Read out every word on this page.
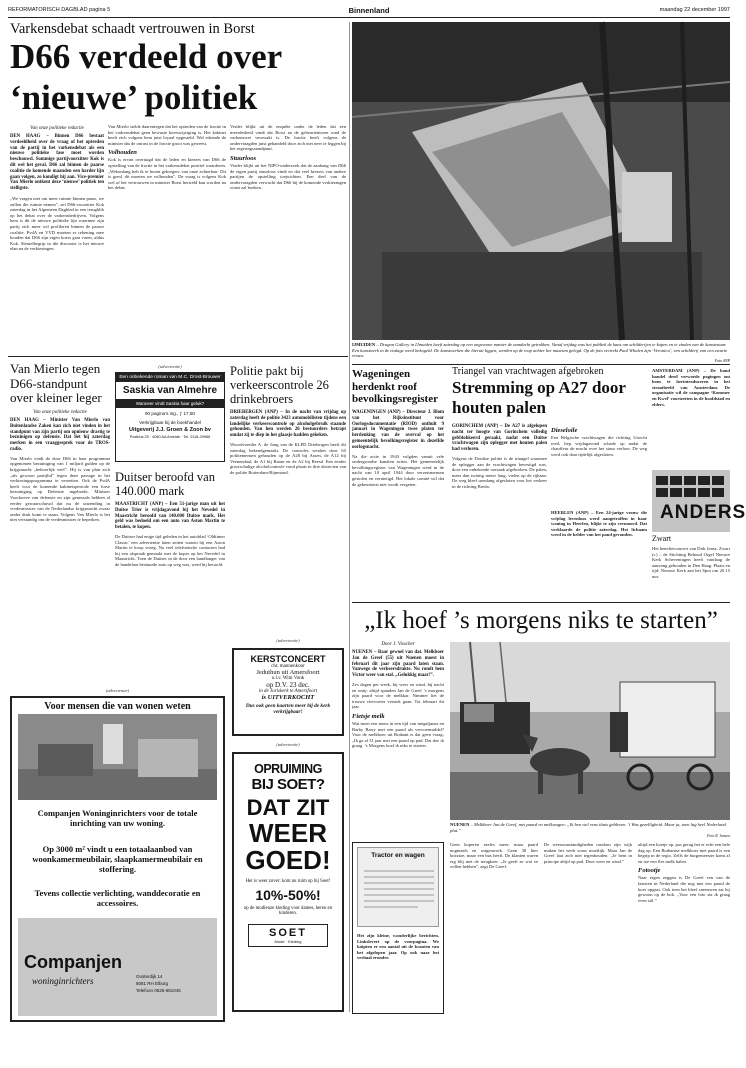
REFORMATORISCH DAGBLAD pagina 5	Binnenland	maandag 22 december 1997
Varkensdebat schaadt vertrouwen in Borst
D66 verdeeld over
‘nieuwe’ politiek
Van onze politieke redactie
DEN HAAG – Binnen D66 bestaat verdeeldheid over de vraag of het optreden van de partij in het varkensdebat als een nieuwe politieke fase moet worden beschouwd. Sommige partijvoorzitter Kok is dit wel het geval. D66 zal binnen de paarse coalitie de komende maanden een harder lijn gaan volgen, zo kondigt hij aan. Vice-premier Van Mierlo ontkent deze ‘nieuwe’ politiek ten stelligste.
„We vragen niet om meer ruimte binnen paars, we zullen die ruimte nemen”, zei D66-voorzitter Kok zaterdag in het Algemeen Dagblad in een terugblik op het debat over de varkensbedrijven. Volgens hem is dit de nieuwe politieke lijn waarmee zijn partij zich meer wil profileren binnen de paarse coalitie. PvdA en VVD moeten er rekening mee houden dat D66 zijn eigen koers gaat varen, aldus Kok. Sleutelbegrip in die discussie is het nieuwe elan na de verkiezingen.
Van Mierlo stelde daarentegen dat het optreden van de fractie in het varkensdebat geen bewuste koerswijziging is. Het kabinet heeft zich volgens hem juist loyaal opgesteld. Wel erkende de minister dat de onrust in de fractie groot was geweest.
Volhouden
Kok is ervan overtuigd dat de leden en kiezers van D66 de opstelling van de fractie in het varkensdebat positief waarderen. „Wekenlang heb ik te horen gekregen: van onze achterban: Dit is goed, dit moeten we volhouden”. De vraag is volgens Kok wel of het vertrouwen in minister Borst hersteld kan worden na het debat.
Verder blijkt uit de enquête onder de leden dat een meerderheid vindt dat Borst na de gebeurtenissen rond de varkenswet verzwakt is. De fractie heeft volgens de ondervraagden juist gehandeld door zich niet neer te leggen bij het regeringsstandpunt.
Stuurloos
Verder blijkt uit het NIPO-onderzoek dat de aanhang van D66 de eigen partij stuurloos vindt en dat veel kiezers van andere partijen de opstelling toejuichten. Een deel van de ondervraagden verwacht dat D66 bij de komende verkiezingen winst zal boeken.
IJMUIDEN – Dragon Gallery in IJmuiden heeft zaterdag op een ongewone manier de aandacht getrokken. Vanaf vrijdag was het publiek de kans om schilderijen te kopen en te vinden van de kunstenaar. Een kunstwerk in de etalage werd bekogeld. De kunstwerken die hieruit liggen, werden op de trap achter het museum gelegd. Op de foto vertrekt Paul Whalen zijn ‘Veronica’, een schilderij van een zwarte vrouw.
Foto ANP
Van Mierlo tegen D66-standpunt over kleiner leger
Van onze politieke redactie
DEN HAAG – Minister Van Mierlo van Buitenlandse Zaken kan zich niet vinden in het standpunt van zijn partij om opnieuw drastig te bezuinigen op defensie. Dat liet hij zaterdag merken in een vraaggesprek voor de TROS-radio.
Van Mierlo vindt de door D66 in haar programma opgenomen bezuiniging van 1 miljard gulden op de krijgsmacht „behoorlijk veel”. Hij is van plan zich „als gewoon partijlid” tegen deze passage in het verkiezingsprogramma te verzetten. Ook de PvdA heeft voor de komende kabinetsperiode een forse bezuiniging op Defensie ingeboekt. Minister Voorhoeve van defensie en zijn generaals hebben al eerder gewaarschuwd dat nu de uitzending in vredesmissies van de Nederlandse krijgsmacht zwaar onder druk komt te staan. Volgens Van Mierlo is het niet verstandig om de vredesmissies te beperken.
(advertentie)
Een onbekende roman van M.C. Drost-Brouwer
Saskia van Almehre
Wanneer vindt Saskia haar geluk?
90 pagina’s ing., ƒ 17,50
Verkrijgbaar bij de boekhandel
Uitgeverij J.J. Groen & Zoon bv
Postbus 25 · 4080 AA Ameide · Tel. 0118-29966
Duitser beroofd van 140.000 mark
MAASTRICHT (ANP) – Een 51-jarige man uit het Duitse Trier is vrijdagavond bij het Nevedel in Maastricht beroofd van 140.000 Duitse mark. Het geld was bedoeld om een auto van Aston Martin te betalen, te kopen.
De Duitser had enige tijd geleden in het autoblad ‘Oldtimer Classic’ een advertentie laten zetten waarin hij een Aston Martin te koop vroeg. Na veel telefonische contacten had hij een afspraak gemaakt met de koper op het Nevedel in Maastricht. Toen de Duitser in de door een handlanger van de handelaar bestuurde auto op weg was, werd hij beroofd.
Politie pakt bij verkeerscontrole 26 drinkebroers
DRIEBERGEN (ANP) – In de nacht van vrijdag op zaterdag heeft de politie 3423 automobilisten tijdens een landelijke verkeerscontrole op alcoholgebruik staande gehouden. Van hen werden 26 bestuurders betrapt omdat zij te diep in het glaasje hadden gekeken.
Woordvoerder A. de Jong van de KLPD Driebergen heeft dit zaterdag bekendgemaakt. De controles werden door 65 politiemensen gehouden op de A28 bij Assen, de A12 bij Veenendaal, de A1 bij Baarn en de A2 bij Beesd. Een eerder grootschalige alcoholcontrole vond plaats in drie districten van de politie Rotterdam-Rijnmond.
(advertentie)
KERSTCONCERT
chr. mannenkoor
Jeduthun uit Amersfoort
o.l.v. Wim Vonk
op D.V. 23 dec.
in de Joriskerk te Amersfoort
is UITVERKOCHT
Dus ook geen kaarten meer bij de kerk verkrijgbaar!
(advertentie)
OPRUIMING
BIJ SOET?
DAT ZIT
WEER
GOED!
Het is weer zover: kom nu ruim op bij Soet!
10%-50%!
op de modieuze kleding voor dames, heren en kinderen.
SOET
Mode · Kleding
(advertentie)
Voor mensen die van wonen weten
Companjen Woninginrichters voor de totale inrichting van uw woning.
Op 3000 m² vindt u een totaalaanbod van woonkamermeubilair, slaapkamermeubilair en stoffering.
Tevens collectie verlichting, wanddecoratie en accessoires.
Companjen
woninginrichters	Oosterdijk 14
8081 RH Elburg
Telefoon 0525-681045
Wageningen herdenkt roof bevolkingsregister
WAGENINGEN (ANP) – Directeur J. Blom van het Rijksinstituut voor Oorlogsdocumentatie (RIOD) onthult 9 januari in Wageningen twee platen ter herdenking van de overval op het gemeentelijk bevolkingsregister in dezelfde oorlogsnacht.
Na die actie in 1943 volgden vanuit vele ondergrondse kanalen acties. Het gemeentelijk bevolkingsregister van Wageningen werd in de nacht van 10 april 1944 door verzetsmensen gestolen en vernietigd. Het lokale comité wil dat de gebeurtenis niet wordt vergeten.
Triangel van vrachtwagen afgebroken
Stremming op A27 door houten palen
GORINCHEM (ANP) – De A27 is afgelopen nacht ter hoogte van Gorinchem volledig gebblokkeerd geraakt, nadat een Duitse vrachtwagen zijn oplegger met houten palen had verloren.
Volgens de Dordtse politie is de triangel waarmee de oplegger aan de vrachtwagen bevestigd was, door een onbekende oorzaak afgebroken. De palen, meer dan twintig meter lang, vielen op de rijbaan. De weg bleef urenlang afgesloten voor het verkeer in de richting Breda.
Dieseloile
Een Belgische vrachtwagen die richting Utrecht reed, liep vrijdagavond schade op nadat de chauffeur de macht over het stuur verloor. De weg werd ook daar tijdelijk afgesloten.
AMSTERDAM (ANP) – De bond handel deed verwoede pogingen om bons te herintroduceren in het straatbeeld van Amsterdam. De organisatie wil de campagne ‘Kommer en Kwel’ voortzetten in de hoofdstad en elders.
ANDERS
Zwart
Het benefietconcert van Dirk Jansz. Zwart (r.) – de Stichting Behoud Orgel Nieuwe Kerk Scheveningen heeft vandaag de aanvang gehouden in Den Haag. Plaats en tijd: Nieuwe Kerk aan het Spui om 20.15 uur.
HEERLEN (ANP) – Een 24-jarige vrouw die vrijdag levenloos werd aangetroffen in haar woning in Heerlen, blijkt te zijn vermoord. Dat verklaarde de politie zaterdag. Het lichaam werd in de kelder van het pand gevonden.
„Ik hoef ’s morgens niks te starten”
Door J. Visscher
NUENEN – Baar gewoel van dat. Melkboer Jan de Greef (55) uit Nuenen moest in februari dit jaar zijn paard laten staan. Vanwege de verkeersdrukte. Nu rondt hem Victor weer van stal. „Gelukkig maar!”.
Zes dagen per week, bij weer en wind, bij nacht en ontij: altijd spanden Jan de Greef ’s morgens zijn paard voor de melkkar. Nimmer liet de trouwe viervoeter verstek gaan. Tot februari dit jaar.
Fietsje melk
Wat moet een mens in een tijd van megaljunas en Barby Barry met een paard als vervoermiddel? Voor de melkboer uit Brabant is dat geen vraag: „Ik ga al 31 jaar met een paard op pad. Dat doe ik graag. ’s Morgens hoef ik niks te starten.
NUENEN – Melkboer Jan de Greef, met paard en melkwagen: „Ik ben wel eens thuis gebleven. ’t Was gezelligheid. Maar ja, toen lag heel Nederland plat.”
Foto R. Jansen
Tractor en wagen
Het zijn kleine, wonderlijke berichten. Linkslevert op de voorpagina. We knipten er een aantal uit de kranten van het afgelopen jaar. Op ook naar het verhaal eronder.
Geen koperen ezeles meer, maar paard nogmaals en wagenwerk. Geen 30 liter bozztoe, maar een bus heeft. De klanten waren erg blij met de terugkeer. „Je geeft ze wat ze willen hebben”, zegt De Greef.
De weersomstandigheden rondom zijn wijk maken het werk soms moeilijk. Maar Jan de Greef laat zich niet tegenhouden. „Je bent in principe altijd op pad. Door weer en wind.”
altijd een koetje op, pas gerug het er echt een hele dag op. Een Brabantse melkboer met paard is een begrip in de regio. Zelfs de burgemeester komt af en toe een fles melk halen.
Fotootje
Naar eigen zeggen is De Greef een van de laatsten in Nederland die nog met een paard de boer opgaat. Ook toen het bleef sneeuwen zat hij gewoon op de bok. „Voor een foto sta ik graag even stil.”
